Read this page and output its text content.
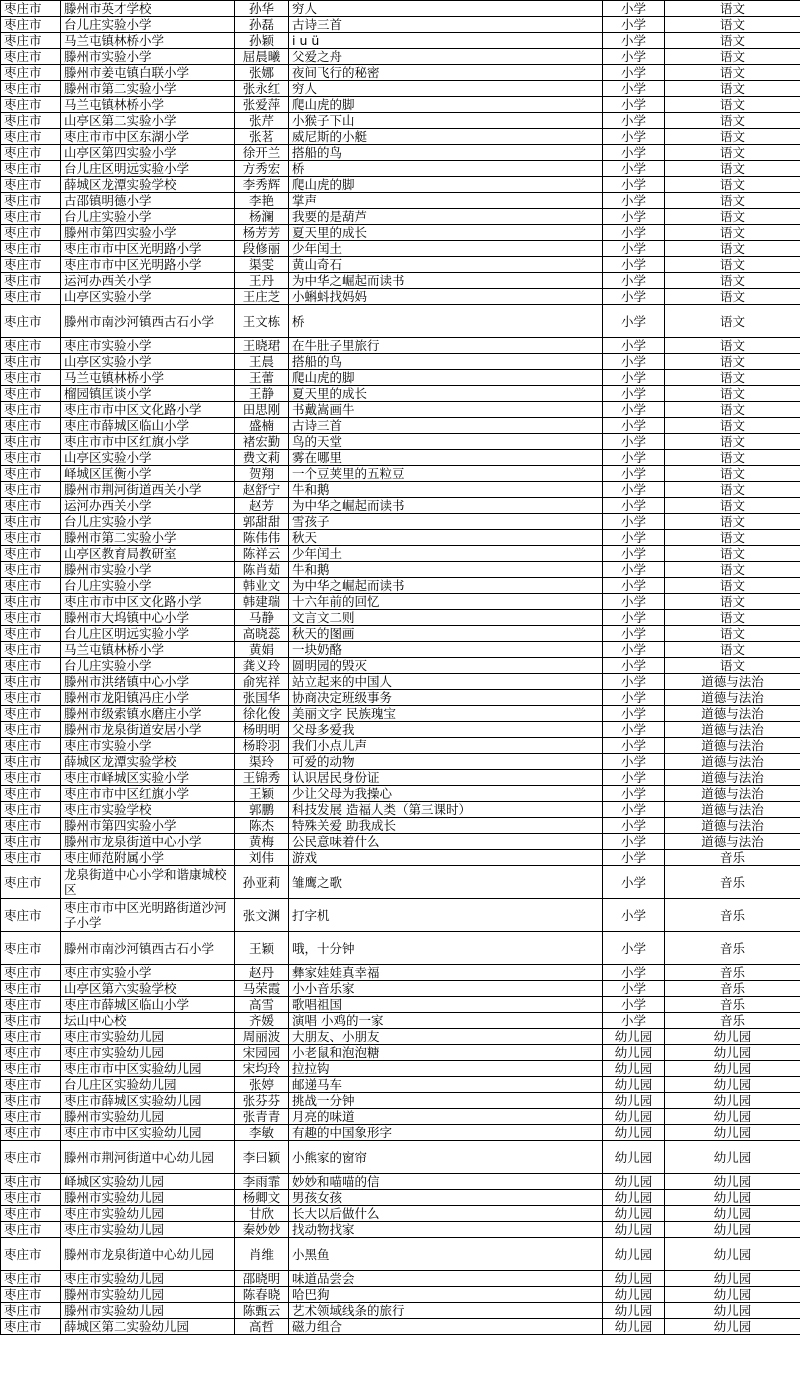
枣庄市	滕州市英才学校	孙华	穷人	小学	语文
枣庄市	台儿庄实验小学	孙磊	古诗三首	小学	语文
枣庄市	马兰屯镇林桥小学	孙颖	i u ü	小学	语文
枣庄市	滕州市实验小学	屈晨曦	父爱之舟	小学	语文
枣庄市	滕州市姜屯镇白联小学	张娜	夜间飞行的秘密	小学	语文
枣庄市	滕州市第二实验小学	张永红	穷人	小学	语文
枣庄市	马兰屯镇林桥小学	张爱萍	爬山虎的脚	小学	语文
枣庄市	山亭区第二实验小学	张芹	小猴子下山	小学	语文
枣庄市	枣庄市市中区东湖小学	张茗	威尼斯的小艇	小学	语文
枣庄市	山亭区第四实验小学	徐开兰	搭船的鸟	小学	语文
枣庄市	台儿庄区明远实验小学	方秀宏	桥	小学	语文
枣庄市	薛城区龙潭实验学校	李秀辉	爬山虎的脚	小学	语文
枣庄市	古邵镇明德小学	李艳	掌声	小学	语文
枣庄市	台儿庄实验小学	杨澜	我要的是葫芦	小学	语文
枣庄市	滕州市第四实验小学	杨芳芳	夏天里的成长	小学	语文
枣庄市	枣庄市市中区光明路小学	段修丽	少年闰土	小学	语文
枣庄市	枣庄市市中区光明路小学	渠雯	黄山奇石	小学	语文
枣庄市	运河办西关小学	王丹	为中华之崛起而读书	小学	语文
枣庄市	山亭区实验小学	王庄芝	小蝌蚪找妈妈	小学	语文
枣庄市	滕州市南沙河镇西古石小学	王文栋	桥	小学	语文
枣庄市	枣庄市实验小学	王晓珺	在牛肚子里旅行	小学	语文
枣庄市	山亭区实验小学	王晨	搭船的鸟	小学	语文
枣庄市	马兰屯镇林桥小学	王蕾	爬山虎的脚	小学	语文
枣庄市	榴园镇匡谈小学	王静	夏天里的成长	小学	语文
枣庄市	枣庄市市中区文化路小学	田思刚	书戴嵩画牛	小学	语文
枣庄市	枣庄市薛城区临山小学	盛楠	古诗三首	小学	语文
枣庄市	枣庄市市中区红旗小学	褚宏勤	鸟的天堂	小学	语文
枣庄市	山亭区实验小学	费文莉	雾在哪里	小学	语文
枣庄市	峄城区匡衡小学	贺翔	一个豆荚里的五粒豆	小学	语文
枣庄市	滕州市荆河街道西关小学	赵舒宁	牛和鹅	小学	语文
枣庄市	运河办西关小学	赵芳	为中华之崛起而读书	小学	语文
枣庄市	台儿庄实验小学	郭甜甜	雪孩子	小学	语文
枣庄市	滕州市第二实验小学	陈伟伟	秋天	小学	语文
枣庄市	山亭区教育局教研室	陈祥云	少年闰土	小学	语文
枣庄市	滕州市实验小学	陈肖茹	牛和鹅	小学	语文
枣庄市	台儿庄实验小学	韩业文	为中华之崛起而读书	小学	语文
枣庄市	枣庄市市中区文化路小学	韩建瑞	十六年前的回忆	小学	语文
枣庄市	滕州市大坞镇中心小学	马静	文言文二则	小学	语文
枣庄市	台儿庄区明远实验小学	高晓蕊	秋天的图画	小学	语文
枣庄市	马兰屯镇林桥小学	黄娟	一块奶酪	小学	语文
枣庄市	台儿庄实验小学	龚义玲	圆明园的毁灭	小学	语文
枣庄市	滕州市洪绪镇中心小学	俞宪祥	站立起来的中国人	小学	道德与法治
枣庄市	滕州市龙阳镇冯庄小学	张国华	协商决定班级事务	小学	道德与法治
枣庄市	滕州市级索镇水磨庄小学	徐化俊	美丽文字 民族瑰宝	小学	道德与法治
枣庄市	滕州市龙泉街道安居小学	杨明明	父母多爱我	小学	道德与法治
枣庄市	枣庄市实验小学	杨聆羽	我们小点儿声	小学	道德与法治
枣庄市	薛城区龙潭实验学校	渠玲	可爱的动物	小学	道德与法治
枣庄市	枣庄市峄城区实验小学	王锦秀	认识居民身份证	小学	道德与法治
枣庄市	枣庄市市中区红旗小学	王颖	少让父母为我操心	小学	道德与法治
枣庄市	枣庄市实验学校	郭鹏	科技发展 造福人类（第三课时）	小学	道德与法治
枣庄市	滕州市第四实验小学	陈杰	特殊关爱 助我成长	小学	道德与法治
枣庄市	滕州市龙泉街道中心小学	黄梅	公民意味着什么	小学	道德与法治
枣庄市	枣庄师范附属小学	刘伟	游戏	小学	音乐
枣庄市	龙泉街道中心小学和谐康城校区	孙亚莉	雏鹰之歌	小学	音乐
枣庄市	枣庄市市中区光明路街道沙河子小学	张文渊	打字机	小学	音乐
枣庄市	滕州市南沙河镇西古石小学	王颖	哦，十分钟	小学	音乐
枣庄市	枣庄市实验小学	赵丹	彝家娃娃真幸福	小学	音乐
枣庄市	山亭区第六实验学校	马荣霞	小小音乐家	小学	音乐
枣庄市	枣庄市薛城区临山小学	高雪	歌唱祖国	小学	音乐
枣庄市	坛山中心校	齐媛	演唱 小鸡的一家	小学	音乐
枣庄市	枣庄市实验幼儿园	周丽波	大朋友、小朋友	幼儿园	幼儿园
枣庄市	枣庄市实验幼儿园	宋园园	小老鼠和泡泡糖	幼儿园	幼儿园
枣庄市	枣庄市市中区实验幼儿园	宋均玲	拉拉钩	幼儿园	幼儿园
枣庄市	台儿庄区实验幼儿园	张婷	邮递马车	幼儿园	幼儿园
枣庄市	枣庄市薛城区实验幼儿园	张芬芬	挑战一分钟	幼儿园	幼儿园
枣庄市	滕州市实验幼儿园	张青青	月亮的味道	幼儿园	幼儿园
枣庄市	枣庄市市中区实验幼儿园	李敏	有趣的中国象形字	幼儿园	幼儿园
枣庄市	滕州市荆河街道中心幼儿园	李曰颖	小熊家的窗帘	幼儿园	幼儿园
枣庄市	峄城区实验幼儿园	李雨霏	妙妙和喵喵的信	幼儿园	幼儿园
枣庄市	滕州市实验幼儿园	杨卿文	男孩女孩	幼儿园	幼儿园
枣庄市	枣庄市实验幼儿园	甘欣	长大以后做什么	幼儿园	幼儿园
枣庄市	枣庄市实验幼儿园	秦妙妙	找动物找家	幼儿园	幼儿园
枣庄市	滕州市龙泉街道中心幼儿园	肖维	小黑鱼	幼儿园	幼儿园
枣庄市	枣庄市实验幼儿园	邵晓明	味道品尝会	幼儿园	幼儿园
枣庄市	滕州市实验幼儿园	陈春晓	哈巴狗	幼儿园	幼儿园
枣庄市	滕州市实验幼儿园	陈甄云	艺术领域线条的旅行	幼儿园	幼儿园
枣庄市	薛城区第二实验幼儿园	高哲	磁力组合	幼儿园	幼儿园
